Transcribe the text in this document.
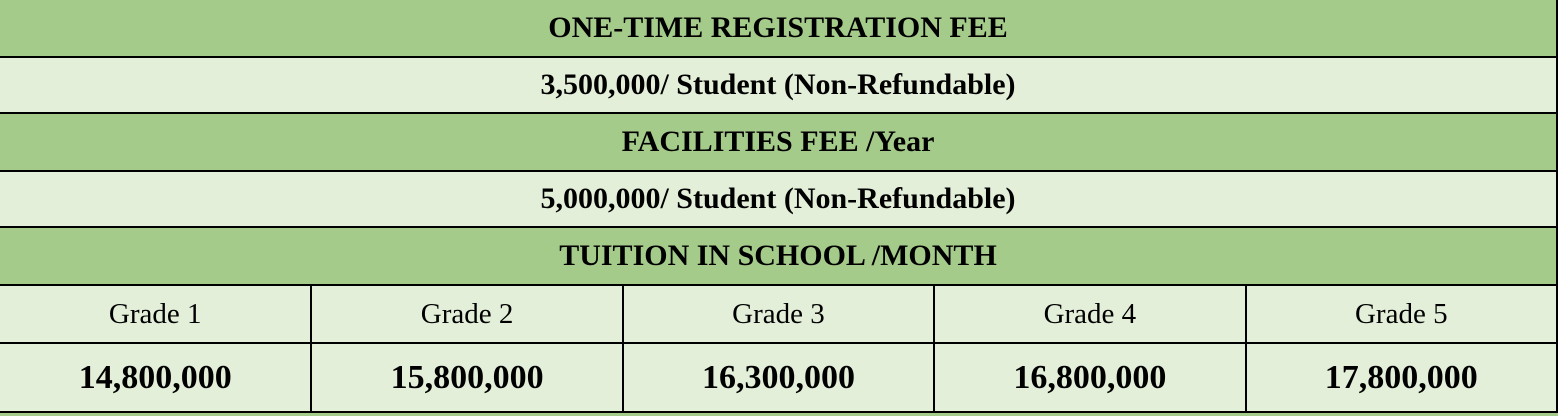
ONE-TIME REGISTRATION FEE				
3,500,000/ Student (Non-Refundable)				
FACILITIES FEE /Year				
5,000,000/ Student (Non-Refundable)				
TUITION IN SCHOOL /MONTH				
Grade 1	Grade 2	Grade 3	Grade 4	Grade 5
14,800,000	15,800,000	16,300,000	16,800,000	17,800,000
